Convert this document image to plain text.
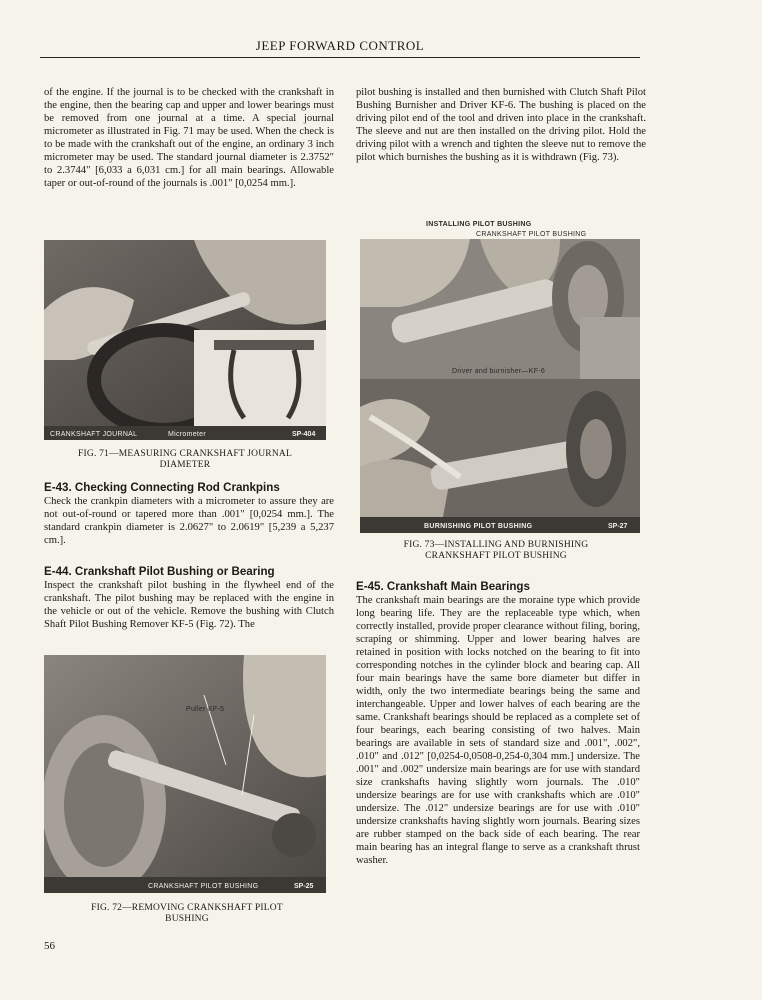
JEEP FORWARD CONTROL

of the engine. If the journal is to be checked with the crankshaft in the engine, then the bearing cap and upper and lower bearings must be removed from one journal at a time. A special journal micrometer as illustrated in Fig. 71 may be used. When the check is to be made with the crankshaft out of the engine, an ordinary 3 inch micrometer may be used. The standard journal diameter is 2.3752" to 2.3744" [6,033 a 6,031 cm.] for all main bearings. Allowable taper or out-of-round of the journals is .001" [0,0254 mm.].

CRANKSHAFT JOURNAL	Micrometer	SP-404
FIG. 71—MEASURING CRANKSHAFT JOURNAL DIAMETER
E-43. Checking Connecting Rod Crankpins

Check the crankpin diameters with a micrometer to assure they are not out-of-round or tapered more than .001" [0,0254 mm.]. The standard crankpin diameter is 2.0627" to 2.0619" [5,239 a 5,237 cm.].

E-44. Crankshaft Pilot Bushing or Bearing

Inspect the crankshaft pilot bushing in the flywheel end of the crankshaft. The pilot bushing may be replaced with the engine in the vehicle or out of the vehicle. Remove the bushing with Clutch Shaft Pilot Bushing Remover KF-5 (Fig. 72). The

Puller KF-5
CRANKSHAFT PILOT BUSHING	SP-25
FIG. 72—REMOVING CRANKSHAFT PILOT BUSHING

pilot bushing is installed and then burnished with Clutch Shaft Pilot Bushing Burnisher and Driver KF-6. The bushing is placed on the driving pilot end of the tool and driven into place in the crankshaft. The sleeve and nut are then installed on the driving pilot. Hold the driving pilot with a wrench and tighten the sleeve nut to remove the pilot which burnishes the bushing as it is withdrawn (Fig. 73).

INSTALLING PILOT BUSHING
CRANKSHAFT PILOT BUSHING
Driver and burnisher—KF-6
BURNISHING PILOT BUSHING	SP-27
FIG. 73—INSTALLING AND BURNISHING CRANKSHAFT PILOT BUSHING
E-45. Crankshaft Main Bearings

The crankshaft main bearings are the moraine type which provide long bearing life. They are the replaceable type which, when correctly installed, provide proper clearance without filing, boring, scraping or shimming. Upper and lower bearing halves are retained in position with locks notched on the bearing to fit into corresponding notches in the cylinder block and bearing cap. All four main bearings have the same bore diameter but differ in width, only the two intermediate bearings being the same and interchangeable. Upper and lower halves of each bearing are the same. Crankshaft bearings should be replaced as a complete set of four bearings, each bearing consisting of two halves. Main bearings are available in sets of standard size and .001", .002", .010" and .012" [0,0254-0,0508-0,254-0,304 mm.] undersize. The .001" and .002" undersize main bearings are for use with standard size crankshafts having slightly worn journals. The .010" undersize bearings are for use with crankshafts which are .010" undersize. The .012" undersize bearings are for use with .010" undersize crankshafts having slightly worn journals. Bearing sizes are rubber stamped on the back side of each bearing. The rear main bearing has an integral flange to serve as a crankshaft thrust washer.

56
